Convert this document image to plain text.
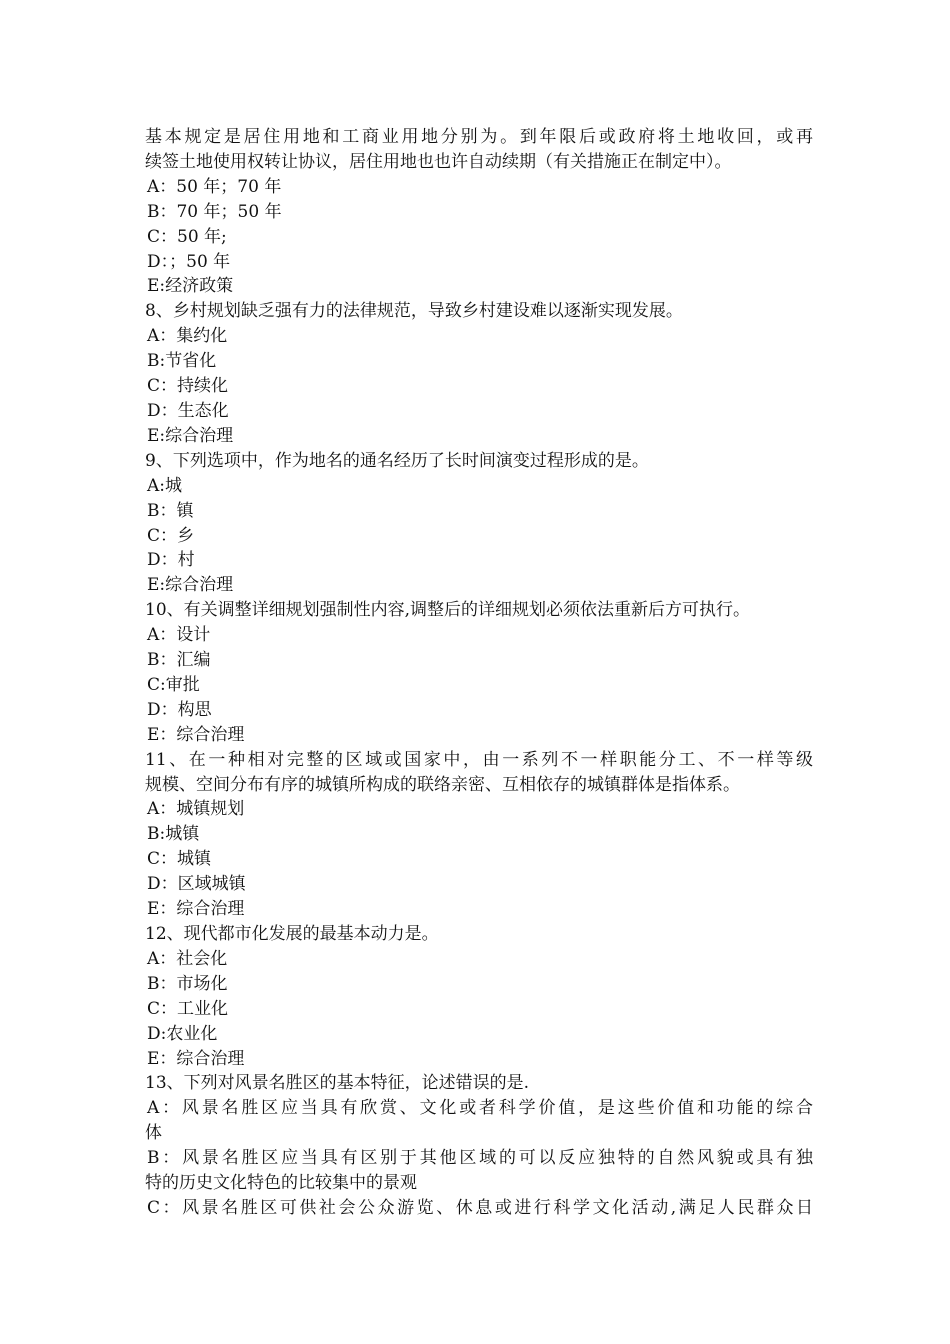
基本规定是居住用地和工商业用地分别为。到年限后或政府将土地收回，或再
续签土地使用权转让协议，居住用地也也许自动续期（有关措施正在制定中）。
A：50 年；70 年
B：70 年；50 年
C：50 年;
D：；50 年
E:经济政策
8、乡村规划缺乏强有力的法律规范，导致乡村建设难以逐渐实现发展。
A：集约化
B:节省化
C：持续化
D：生态化
E:综合治理
9、下列选项中，作为地名的通名经历了长时间演变过程形成的是。
A:城
B：镇
C：乡
D：村
E:综合治理
10、有关调整详细规划强制性内容,调整后的详细规划必须依法重新后方可执行。
A：设计
B：汇编
C:审批
D：构思
E：综合治理
11、在一种相对完整的区域或国家中，由一系列不一样职能分工、不一样等级
规模、空间分布有序的城镇所构成的联络亲密、互相依存的城镇群体是指体系。
A：城镇规划
B:城镇
C：城镇
D：区域城镇
E：综合治理
12、现代都市化发展的最基本动力是。
A：社会化
B：市场化
C：工业化
D:农业化
E：综合治理
13、下列对风景名胜区的基本特征，论述错误的是.
A：风景名胜区应当具有欣赏、文化或者科学价值，是这些价值和功能的综合
体
B：风景名胜区应当具有区别于其他区域的可以反应独特的自然风貌或具有独
特的历史文化特色的比较集中的景观
C：风景名胜区可供社会公众游览、休息或进行科学文化活动,满足人民群众日
